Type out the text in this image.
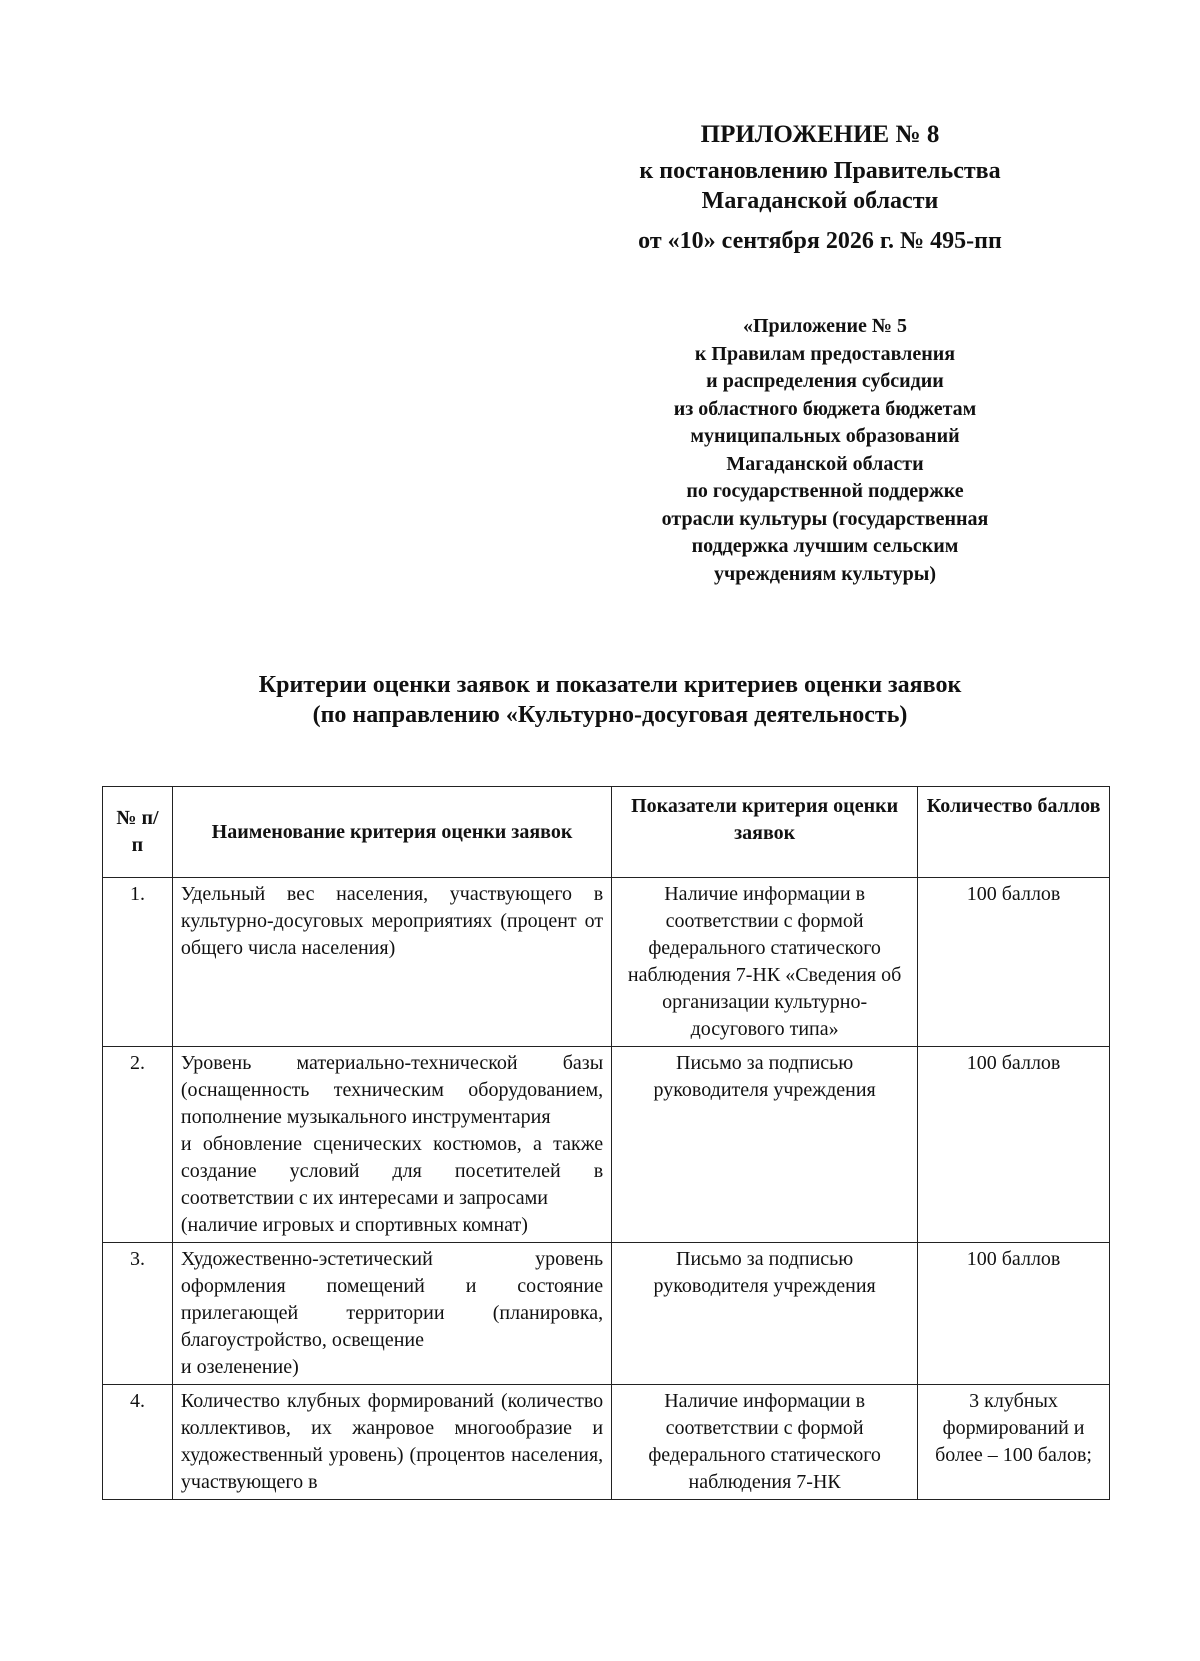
ПРИЛОЖЕНИЕ № 8
к постановлению Правительства
Магаданской области
от «10» сентября 2026 г. № 495-пп
«Приложение № 5
к Правилам предоставления
и распределения субсидии
из областного бюджета бюджетам
муниципальных образований
Магаданской области
по государственной поддержке
отрасли культуры (государственная
поддержка лучшим сельским
учреждениям культуры)
Критерии оценки заявок и показатели критериев оценки заявок
(по направлению «Культурно-досуговая деятельность)
№ п/п	Наименование критерия оценки заявок	Показатели критерия оценки заявок	Количество баллов
1.	Удельный вес населения, участвующего в культурно-досуговых мероприятиях (процент от общего числа населения)	Наличие информации в соответствии с формой федерального статического наблюдения 7-НК «Сведения об организации культурно-досугового типа»	100 баллов
2.	Уровень материально-технической базы (оснащенность техническим оборудованием, пополнение музыкального инструментария
и обновление сценических костюмов, а также создание условий для посетителей в соответствии с их интересами и запросами
(наличие игровых и спортивных комнат)	Письмо за подписью руководителя учреждения	100 баллов
3.	Художественно-эстетический уровень оформления помещений и состояние прилегающей территории (планировка, благоустройство, освещение
и озеленение)	Письмо за подписью руководителя учреждения	100 баллов
4.	Количество клубных формирований (количество коллективов, их жанровое многообразие и художественный уровень) (процентов населения, участвующего в	Наличие информации в соответствии с формой федерального статического наблюдения 7-НК	3 клубных формирований и более – 100 балов;
